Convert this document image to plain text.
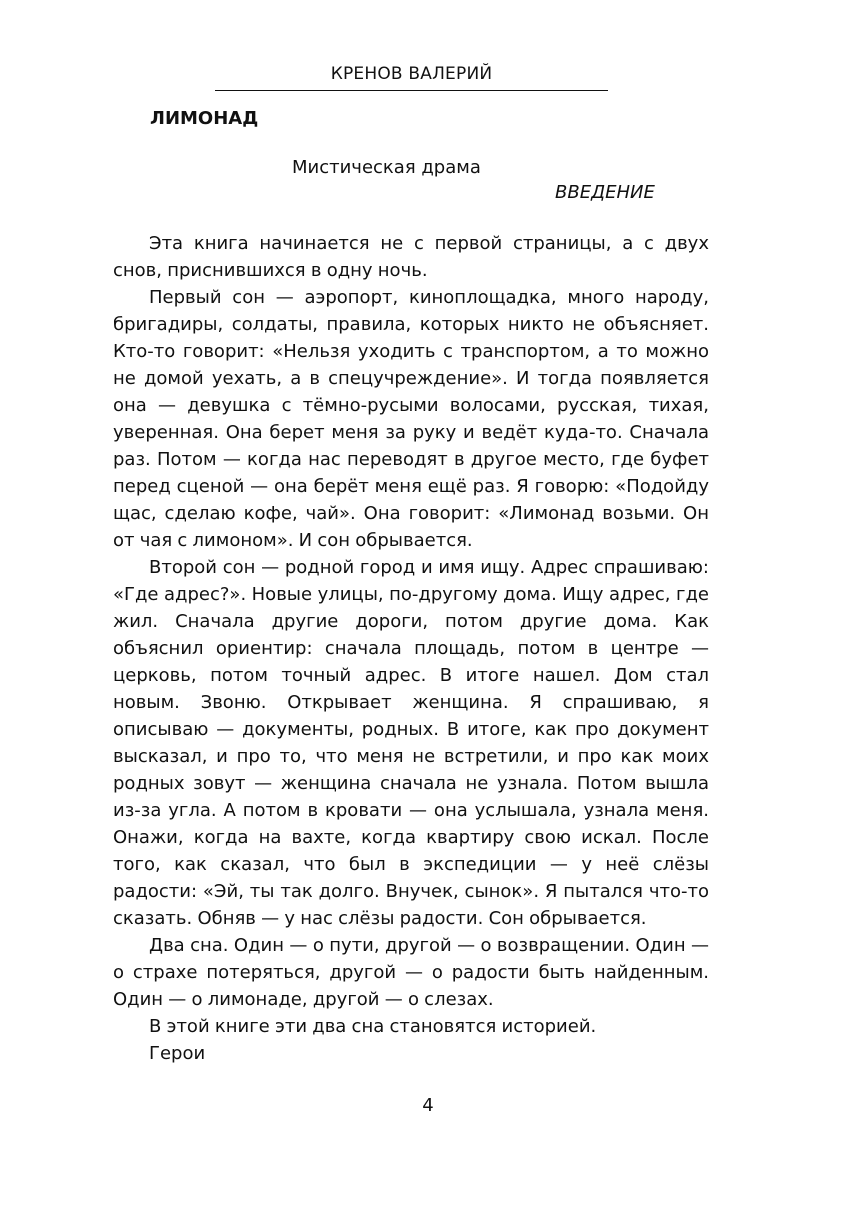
КРЕНОВ ВАЛЕРИЙ
ЛИМОНАД
Мистическая драма
ВВЕДЕНИЕ

Эта книга начинается не с первой страницы, а с двух снов, приснившихся в одну ночь.

Первый сон — аэропорт, киноплощадка, много народу, бригадиры, солдаты, правила, которых никто не объясняет. Кто-то говорит: «Нельзя уходить с транспортом, а то можно не домой уехать, а в спецучреждение». И тогда появляется она — девушка с тёмно-русыми волосами, русская, тихая, уверенная. Она берет меня за руку и ведёт куда-то. Сначала раз. Потом — когда нас переводят в другое место, где буфет перед сценой — она берёт меня ещё раз. Я говорю: «Подойду щас, сделаю кофе, чай». Она говорит: «Лимонад возьми. Он от чая с лимоном». И сон обрывается.

Второй сон — родной город и имя ищу. Адрес спрашиваю: «Где адрес?». Новые улицы, по-другому дома. Ищу адрес, где жил. Сначала другие дороги, потом другие дома. Как объяснил ориентир: сначала площадь, потом в центре — церковь, потом точный адрес. В итоге нашел. Дом стал новым. Звоню. Открывает женщина. Я спрашиваю, я описываю — документы, родных. В итоге, как про документ высказал, и про то, что меня не встретили, и про как моих родных зовут — женщина сначала не узнала. Потом вышла из-за угла. А потом в кровати — она услышала, узнала меня. Онажи, когда на вахте, когда квартиру свою искал. После того, как сказал, что был в экспедиции — у неё слёзы радости: «Эй, ты так долго. Внучек, сынок». Я пытался что-то сказать. Обняв — у нас слёзы радости. Сон обрывается.

Два сна. Один — о пути, другой — о возвращении. Один — о страхе потеряться, другой — о радости быть найденным. Один — о лимонаде, другой — о слезах.

В этой книге эти два сна становятся историей.

Герои

4
